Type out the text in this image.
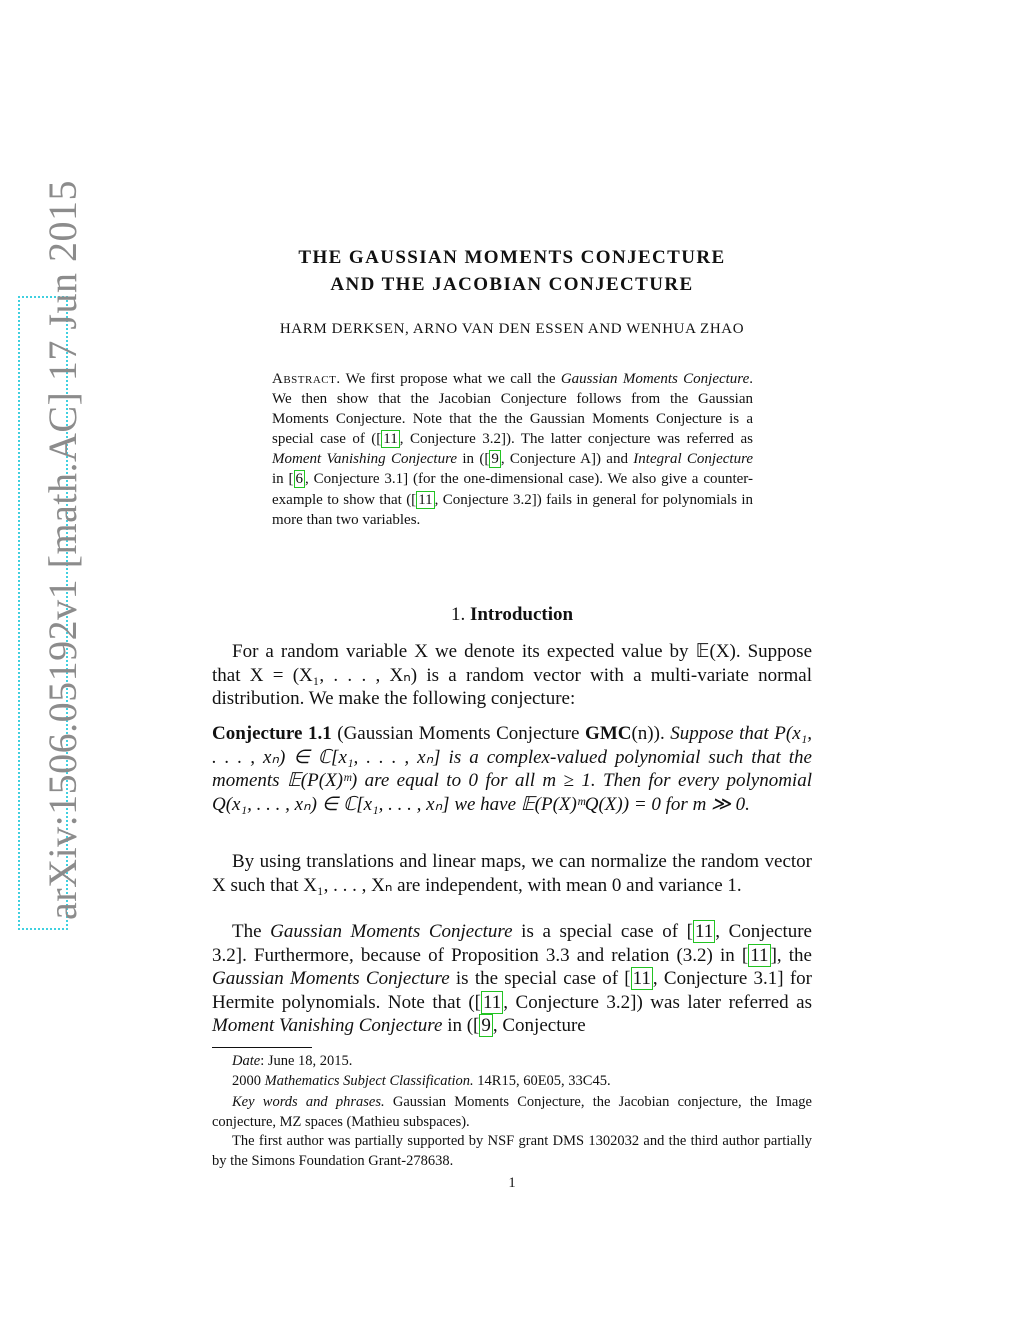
arXiv:1506.05192v1 [math.AC] 17 Jun 2015	THE GAUSSIAN MOMENTS CONJECTURE
AND THE JACOBIAN CONJECTURE
HARM DERKSEN, ARNO VAN DEN ESSEN AND WENHUA ZHAO
Abstract. We first propose what we call the Gaussian Moments Conjecture. We then show that the Jacobian Conjecture follows from the Gaussian Moments Conjecture. Note that the the Gaussian Moments Conjecture is a special case of ([ 11 , Conjecture 3.2]). The latter conjecture was referred as Moment Vanishing Conjecture in ([ 9 , Conjecture A]) and Integral Conjecture in [ 6 , Conjecture 3.1] (for the one-dimensional case). We also give a counter-example to show that ([ 11 , Conjecture 3.2]) fails in general for polynomials in more than two variables.
1. Introduction
For a random variable X we denote its expected value by 𝔼(X). Suppose that X = (X₁, . . . , Xₙ) is a random vector with a multi-variate normal distribution. We make the following conjecture:
Conjecture 1.1 (Gaussian Moments Conjecture GMC(n)). Suppose that P(x₁, . . . , xₙ) ∈ ℂ[x₁, . . . , xₙ] is a complex-valued polynomial such that the moments 𝔼(P(X)ᵐ) are equal to 0 for all m ≥ 1. Then for every polynomial Q(x₁, . . . , xₙ) ∈ ℂ[x₁, . . . , xₙ] we have 𝔼(P(X)ᵐQ(X)) = 0 for m ≫ 0.
By using translations and linear maps, we can normalize the random vector X such that X₁, . . . , Xₙ are independent, with mean 0 and variance 1.
The Gaussian Moments Conjecture is a special case of [ 11 , Conjecture 3.2]. Furthermore, because of Proposition 3.3 and relation (3.2) in [ 11 ], the Gaussian Moments Conjecture is the special case of [ 11 , Conjecture 3.1] for Hermite polynomials. Note that ([ 11 , Conjecture 3.2]) was later referred as Moment Vanishing Conjecture in ([ 9 , Conjecture
Date: June 18, 2015.
2000 Mathematics Subject Classification. 14R15, 60E05, 33C45.
Key words and phrases. Gaussian Moments Conjecture, the Jacobian conjecture, the Image conjecture, MZ spaces (Mathieu subspaces).
The first author was partially supported by NSF grant DMS 1302032 and the third author partially by the Simons Foundation Grant-278638.
1
